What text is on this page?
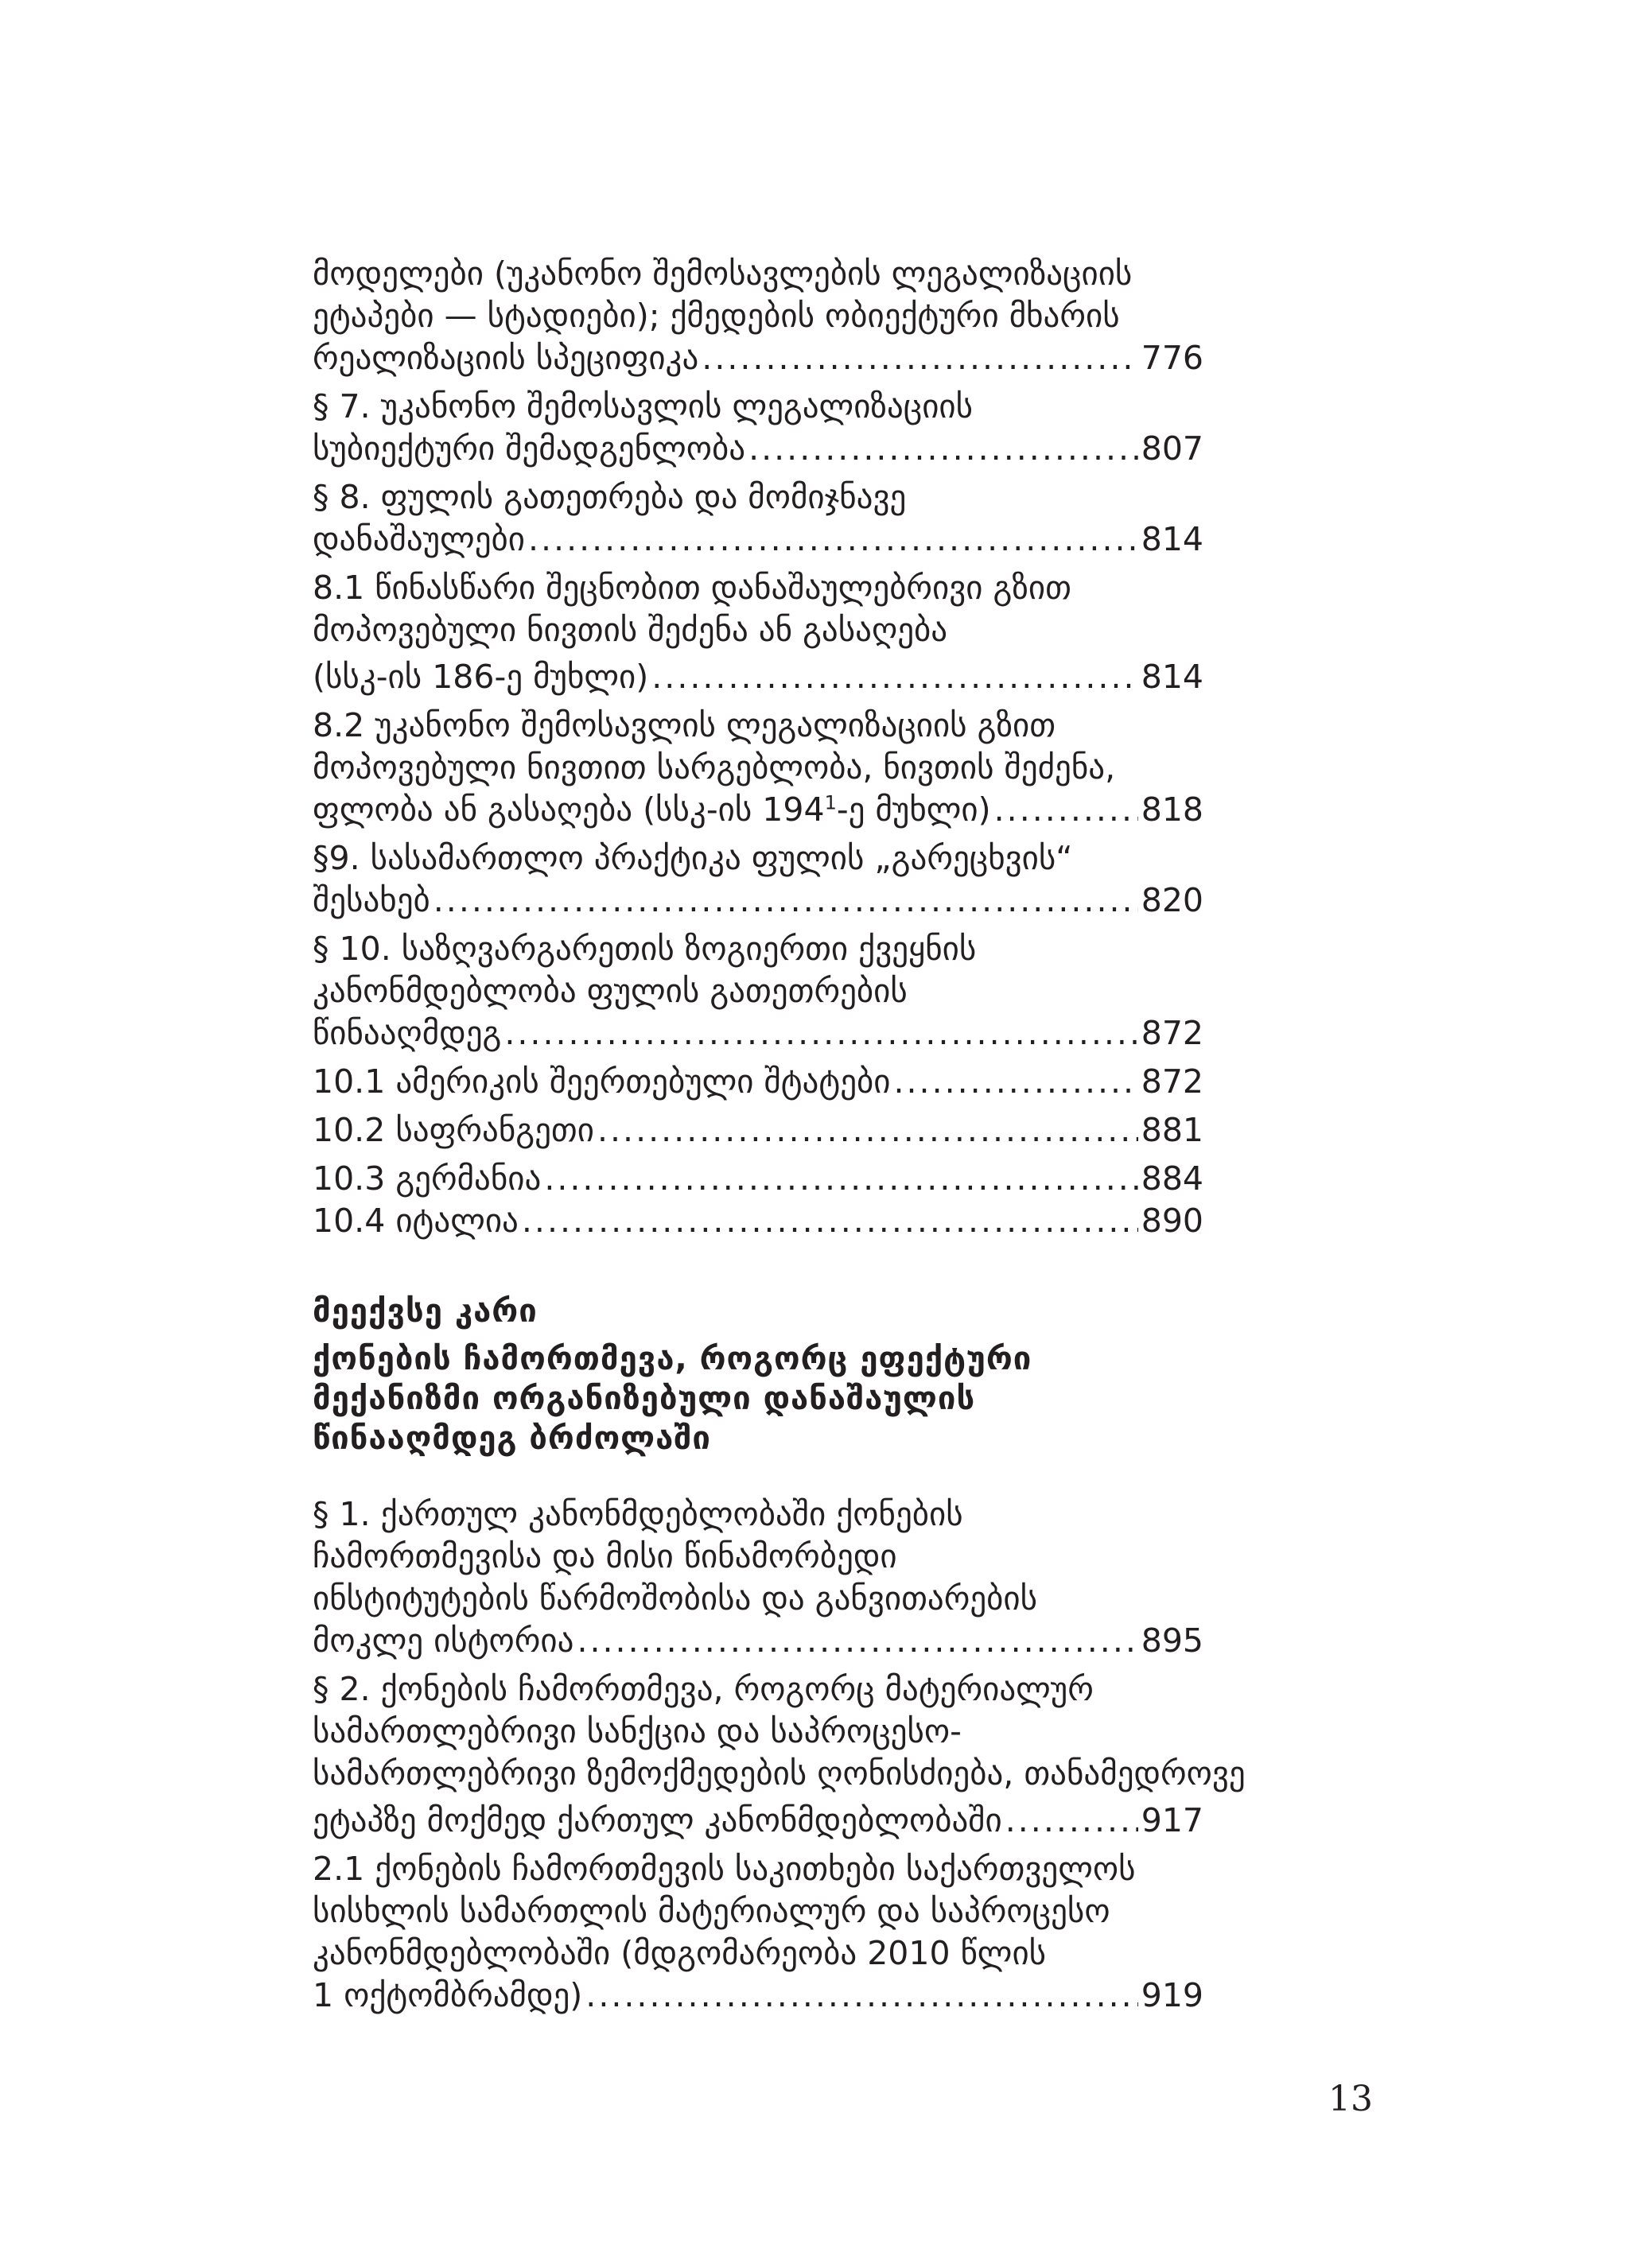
მოდელები (უკანონო შემოსავლების ლეგალიზაციის
ეტაპები — სტადიები); ქმედების ობიექტური მხარის
რეალიზაციის სპეციფიკა .....	776
§ 7. უკანონო შემოსავლის ლეგალიზაციის
სუბიექტური შემადგენლობა .....	807
§ 8. ფულის გათეთრება და მომიჯნავე
დანაშაულები .....	814
8.1 წინასწარი შეცნობით დანაშაულებრივი გზით
მოპოვებული ნივთის შეძენა ან გასაღება
(სსკ-ის 186-ე მუხლი) .....	814
8.2 უკანონო შემოსავლის ლეგალიზაციის გზით
მოპოვებული ნივთით სარგებლობა, ნივთის შეძენა,
ფლობა ან გასაღება (სსკ-ის $194^1-ე$ მუხლი) .....	818
§9. სასამართლო პრაქტიკა ფულის „გარეცხვის“
შესახებ .....	820
§ 10. საზღვარგარეთის ზოგიერთი ქვეყნის
კანონმდებლობა ფულის გათეთრების
წინააღმდეგ .....	872
10.1 ამერიკის შეერთებული შტატები .....	872
10.2 საფრანგეთი .....	881
10.3 გერმანია .....	884
10.4 იტალია .....	890
მეექვსე კარი
ქონების ჩამორთმევა, როგორც ეფექტური
მექანიზმი ორგანიზებული დანაშაულის
წინააღმდეგ ბრძოლაში
§ 1. ქართულ კანონმდებლობაში ქონების
ჩამორთმევისა და მისი წინამორბედი
ინსტიტუტების წარმოშობისა და განვითარების
მოკლე ისტორია .....	895
§ 2. ქონების ჩამორთმევა, როგორც მატერიალურ
სამართლებრივი სანქცია და საპროცესო-
სამართლებრივი ზემოქმედების ღონისძიება, თანამედროვე
ეტაპზე მოქმედ ქართულ კანონმდებლობაში .....	917
2.1 ქონების ჩამორთმევის საკითხები საქართველოს
სისხლის სამართლის მატერიალურ და საპროცესო
კანონმდებლობაში (მდგომარეობა 2010 წლის
1 ოქტომბრამდე) .....	919
13
